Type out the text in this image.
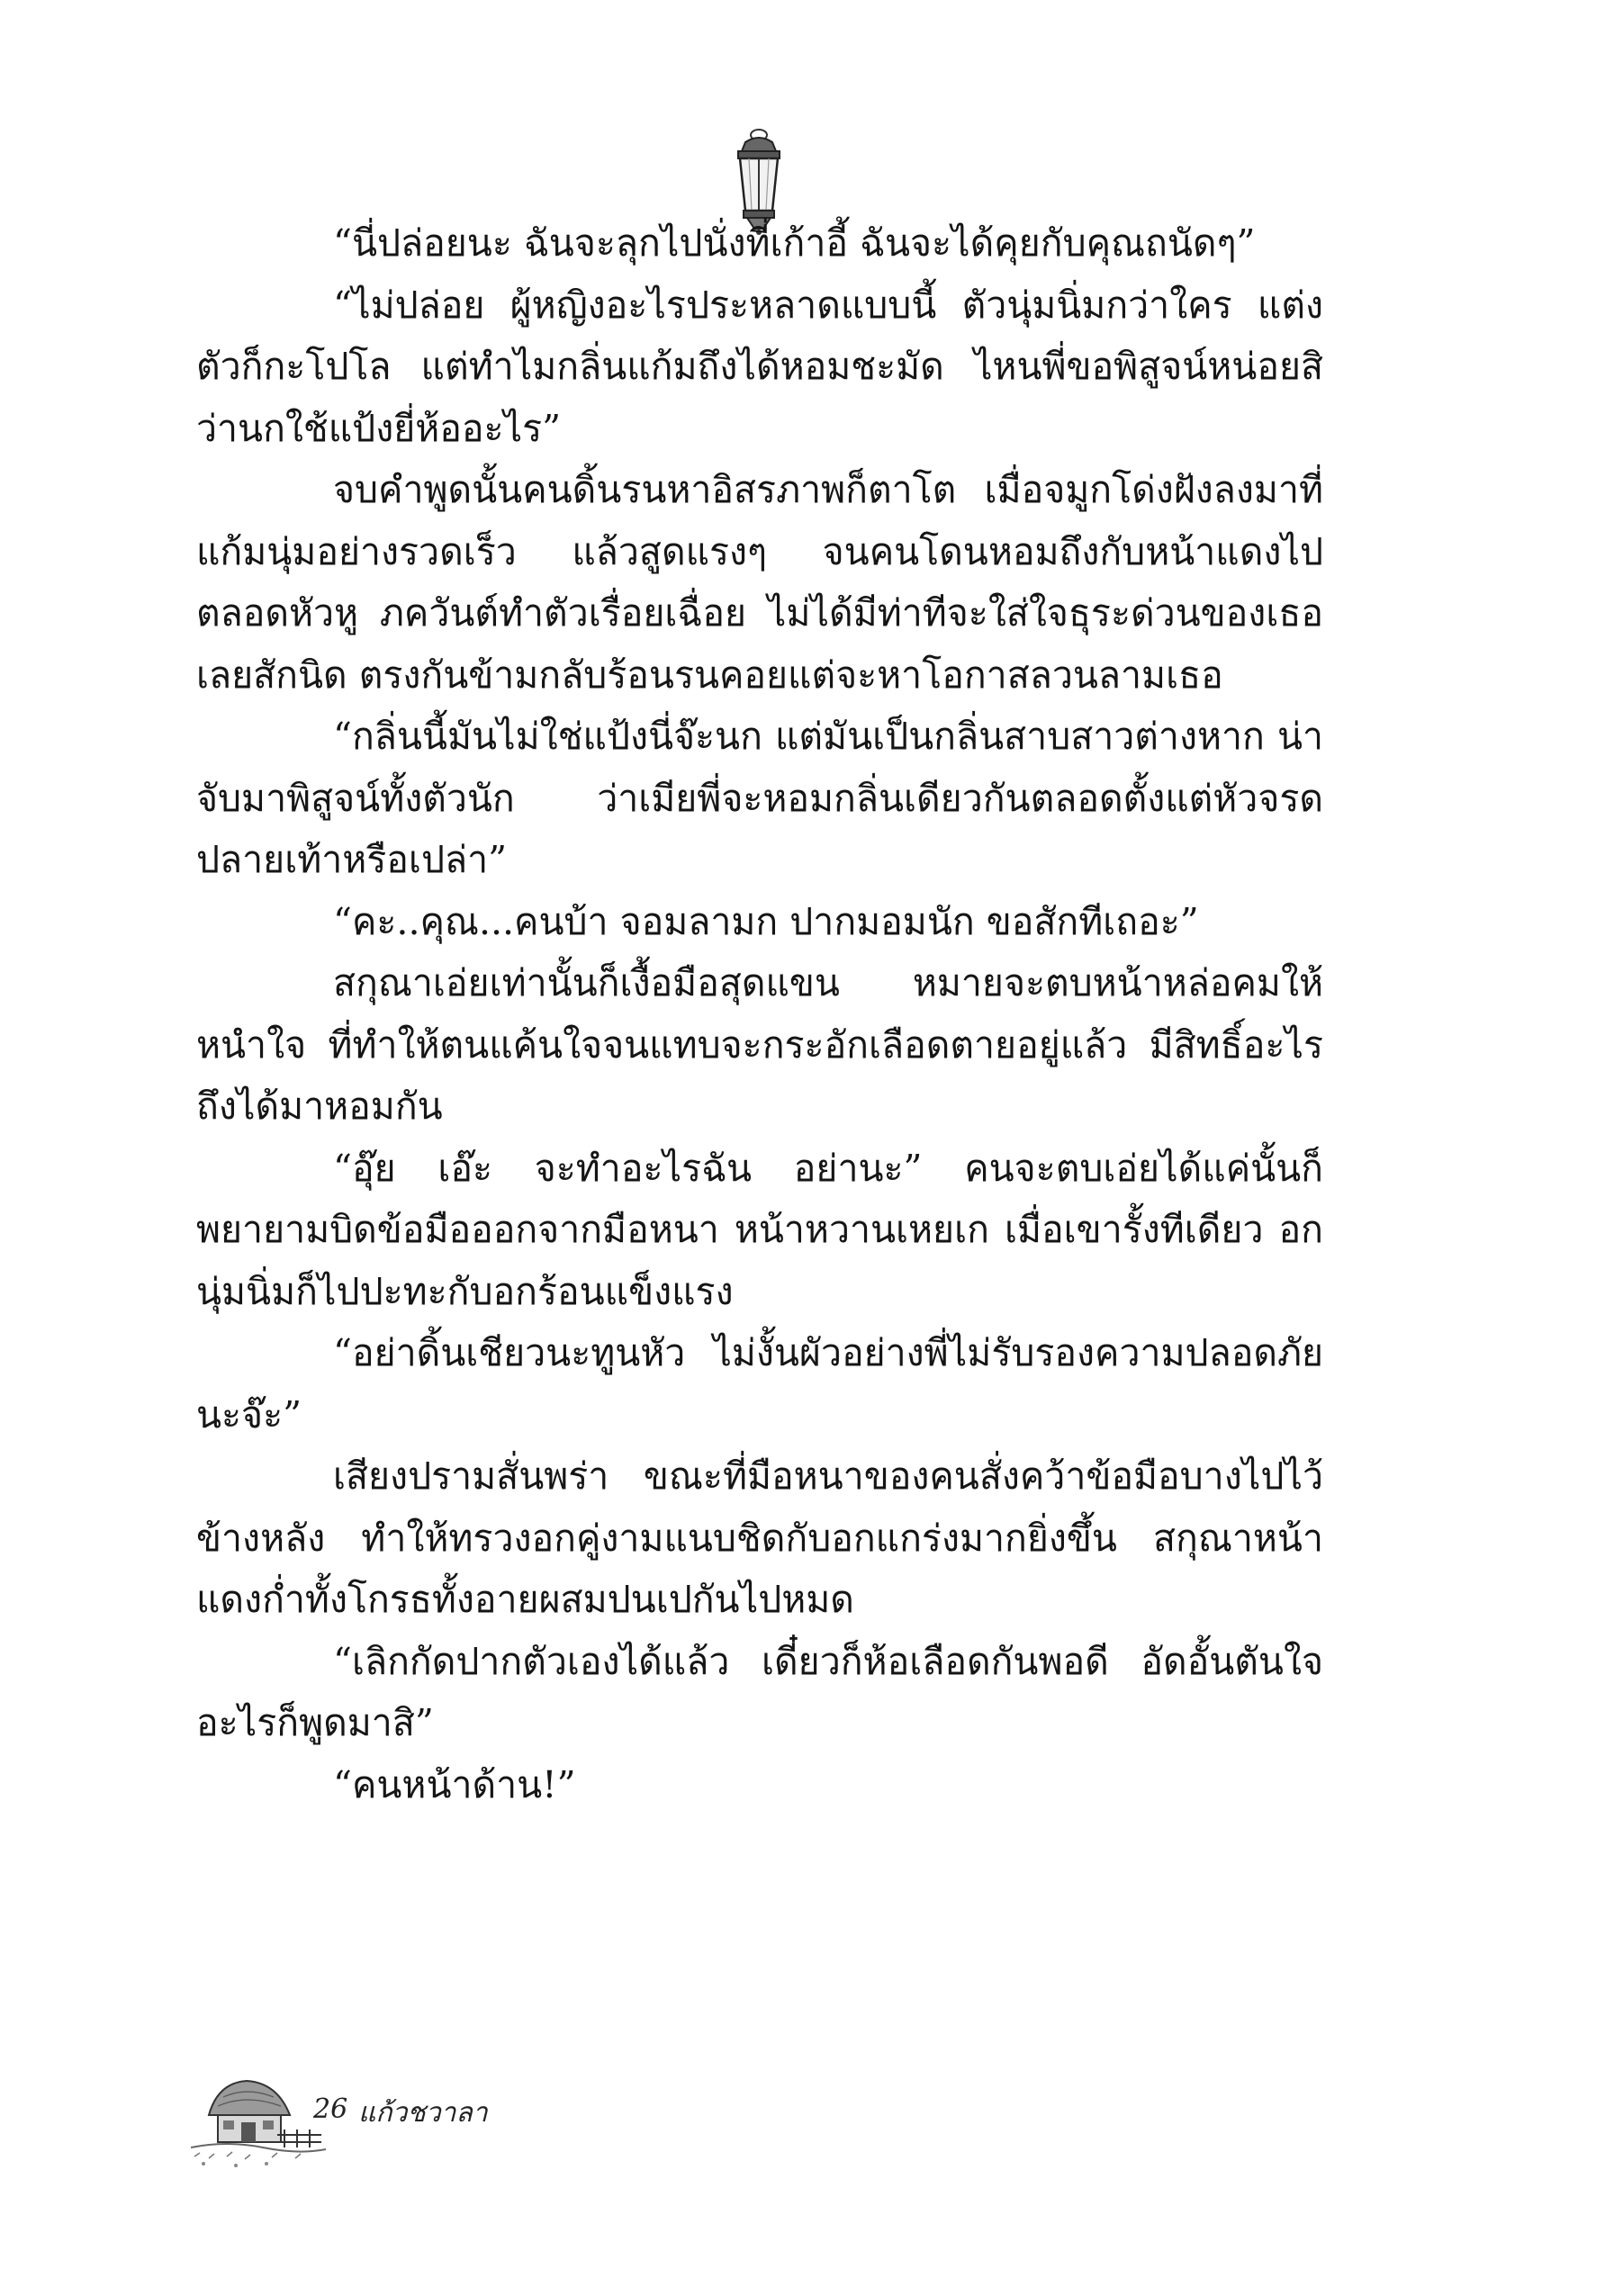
“นี่ปล่อยนะ ฉันจะลุกไปนั่งที่เก้าอี้ ฉันจะได้คุยกับคุณถนัดๆ”

“ไม่ปล่อย ผู้หญิงอะไรประหลาดแบบนี้ ตัวนุ่มนิ่มกว่าใคร แต่งตัวก็กะโปโล แต่ทำไมกลิ่นแก้มถึงได้หอมชะมัด ไหนพี่ขอพิสูจน์หน่อยสิว่านกใช้แป้งยี่ห้ออะไร”

จบคำพูดนั้นคนดิ้นรนหาอิสรภาพก็ตาโต เมื่อจมูกโด่งฝังลงมาที่แก้มนุ่มอย่างรวดเร็ว แล้วสูดแรงๆ จนคนโดนหอมถึงกับหน้าแดงไปตลอดหัวหู ภควันต์ทำตัวเรื่อยเฉื่อย ไม่ได้มีท่าทีจะใส่ใจธุระด่วนของเธอเลยสักนิด ตรงกันข้ามกลับร้อนรนคอยแต่จะหาโอกาสลวนลามเธอ

“กลิ่นนี้มันไม่ใช่แป้งนี่จ๊ะนก แต่มันเป็นกลิ่นสาบสาวต่างหาก น่าจับมาพิสูจน์ทั้งตัวนัก ว่าเมียพี่จะหอมกลิ่นเดียวกันตลอดตั้งแต่หัวจรดปลายเท้าหรือเปล่า”

“คะ..คุณ...คนบ้า จอมลามก ปากมอมนัก ขอสักทีเถอะ”

สกุณาเอ่ยเท่านั้นก็เงื้อมือสุดแขน หมายจะตบหน้าหล่อคมให้หนำใจ ที่ทำให้ตนแค้นใจจนแทบจะกระอักเลือดตายอยู่แล้ว มีสิทธิ์อะไรถึงได้มาหอมกัน

“อุ๊ย เอ๊ะ จะทำอะไรฉัน อย่านะ” คนจะตบเอ่ยได้แค่นั้นก็พยายามบิดข้อมือออกจากมือหนา หน้าหวานเหยเก เมื่อเขารั้งทีเดียว อกนุ่มนิ่มก็ไปปะทะกับอกร้อนแข็งแรง

“อย่าดิ้นเชียวนะทูนหัว ไม่งั้นผัวอย่างพี่ไม่รับรองความปลอดภัยนะจ๊ะ”

เสียงปรามสั่นพร่า ขณะที่มือหนาของคนสั่งคว้าข้อมือบางไปไว้ข้างหลัง ทำให้ทรวงอกคู่งามแนบชิดกับอกแกร่งมากยิ่งขึ้น สกุณาหน้าแดงก่ำทั้งโกรธทั้งอายผสมปนเปกันไปหมด

“เลิกกัดปากตัวเองได้แล้ว เดี๋ยวก็ห้อเลือดกันพอดี อัดอั้นตันใจอะไรก็พูดมาสิ”

“คนหน้าด้าน!”

26 แก้วชวาลา
